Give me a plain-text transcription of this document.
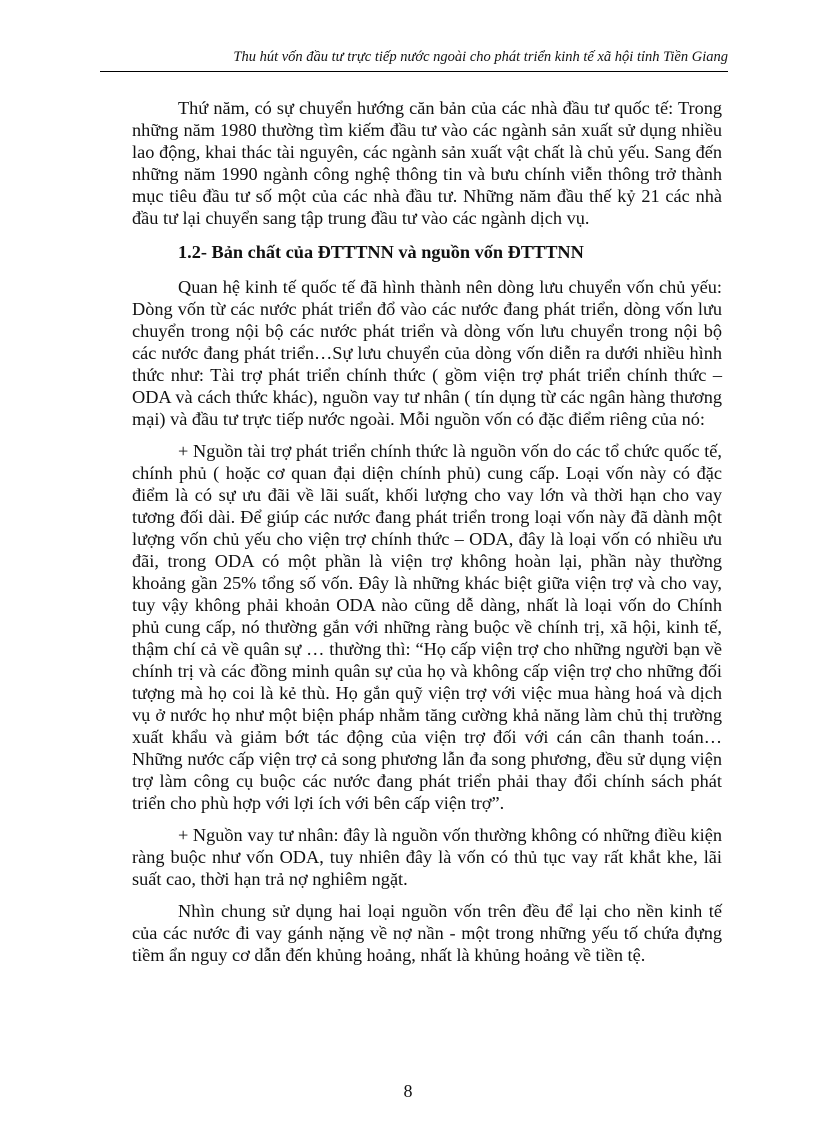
Thu hút vốn đầu tư trực tiếp nước ngoài cho phát triển kinh tế xã hội tỉnh Tiền Giang

Thứ năm, có sự chuyển hướng căn bản của các nhà đầu tư quốc tế: Trong những năm 1980 thường tìm kiếm đầu tư vào các ngành sản xuất sử dụng nhiều lao động, khai thác tài nguyên, các ngành sản xuất vật chất là chủ yếu. Sang đến những năm 1990 ngành công nghệ thông tin và bưu chính viễn thông trở thành mục tiêu đầu tư số một của các nhà đầu tư. Những năm đầu thế kỷ 21 các nhà đầu tư lại chuyển sang tập trung đầu tư vào các ngành dịch vụ.

1.2- Bản chất của ĐTTTNN và nguồn vốn ĐTTTNN

Quan hệ kinh tế quốc tế đã hình thành nên dòng lưu chuyển vốn chủ yếu: Dòng vốn từ các nước phát triển đổ vào các nước đang phát triển, dòng vốn lưu chuyển trong nội bộ các nước phát triển và dòng vốn lưu chuyển trong nội bộ các nước đang phát triển…Sự lưu chuyển của dòng vốn diễn ra dưới nhiều hình thức như: Tài trợ phát triển chính thức ( gồm viện trợ phát triển chính thức – ODA và cách thức khác), nguồn vay tư nhân ( tín dụng từ các ngân hàng thương mại) và đầu tư trực tiếp nước ngoài. Mỗi nguồn vốn có đặc điểm riêng của nó:

+ Nguồn tài trợ phát triển chính thức là nguồn vốn do các tổ chức quốc tế, chính phủ ( hoặc cơ quan đại diện chính phủ) cung cấp. Loại vốn này có đặc điểm là có sự ưu đãi về lãi suất, khối lượng cho vay lớn và thời hạn cho vay tương đối dài. Để giúp các nước đang phát triển trong loại vốn này đã dành một lượng vốn chủ yếu cho viện trợ chính thức – ODA, đây là loại vốn có nhiều ưu đãi, trong ODA có một phần là viện trợ không hoàn lại, phần này thường khoảng gần 25% tổng số vốn. Đây là những khác biệt giữa viện trợ và cho vay, tuy vậy không phải khoản ODA nào cũng dễ dàng, nhất là loại vốn do Chính phủ cung cấp, nó thường gắn với những ràng buộc về chính trị, xã hội, kinh tế, thậm chí cả về quân sự … thường thì: “Họ cấp viện trợ cho những người bạn về chính trị và các đồng minh quân sự của họ và không cấp viện trợ cho những đối tượng mà họ coi là kẻ thù. Họ gắn quỹ viện trợ với việc mua hàng hoá và dịch vụ ở nước họ như một biện pháp nhằm tăng cường khả năng làm chủ thị trường xuất khẩu và giảm bớt tác động của viện trợ đối với cán cân thanh toán… Những nước cấp viện trợ cả song phương lẫn đa song phương, đều sử dụng viện trợ làm công cụ buộc các nước đang phát triển phải thay đổi chính sách phát triển cho phù hợp với lợi ích với bên cấp viện trợ”.

+ Nguồn vay tư nhân: đây là nguồn vốn thường không có những điều kiện ràng buộc như vốn ODA, tuy nhiên đây là vốn có thủ tục vay rất khắt khe, lãi suất cao, thời hạn trả nợ nghiêm ngặt.

Nhìn chung sử dụng hai loại nguồn vốn trên đều để lại cho nền kinh tế của các nước đi vay gánh nặng về nợ nần - một trong những yếu tố chứa đựng tiềm ẩn nguy cơ dẫn đến khủng hoảng, nhất là khủng hoảng về tiền tệ.

8
